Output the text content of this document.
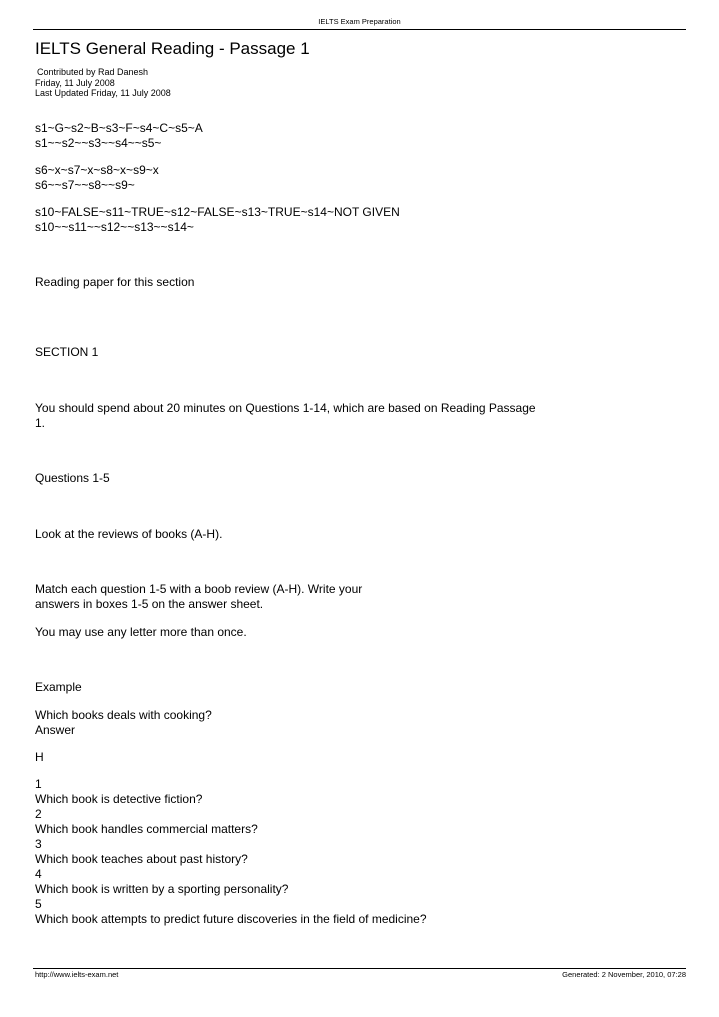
IELTS Exam Preparation
IELTS General Reading - Passage 1
Contributed by Rad Danesh
Friday, 11 July 2008
Last Updated Friday, 11 July 2008
s1~G~s2~B~s3~F~s4~C~s5~A
s1~~s2~~s3~~s4~~s5~
s6~x~s7~x~s8~x~s9~x
s6~~s7~~s8~~s9~
s10~FALSE~s11~TRUE~s12~FALSE~s13~TRUE~s14~NOT GIVEN
s10~~s11~~s12~~s13~~s14~
Reading paper for this section
SECTION 1
You should spend about 20 minutes on Questions 1-14, which are based on Reading Passage
1.
Questions 1-5
Look at the reviews of books (A-H).
Match each question 1-5 with a boob review (A-H). Write your
answers in boxes 1-5 on the answer sheet.
You may use any letter more than once.
Example
Which books deals with cooking?
Answer
H
1
Which book is detective fiction?
2
Which book handles commercial matters?
3
Which book teaches about past history?
4
Which book is written by a sporting personality?
5
Which book attempts to predict future discoveries in the field of medicine?
http://www.ielts-exam.net	Generated: 2 November, 2010, 07:28
